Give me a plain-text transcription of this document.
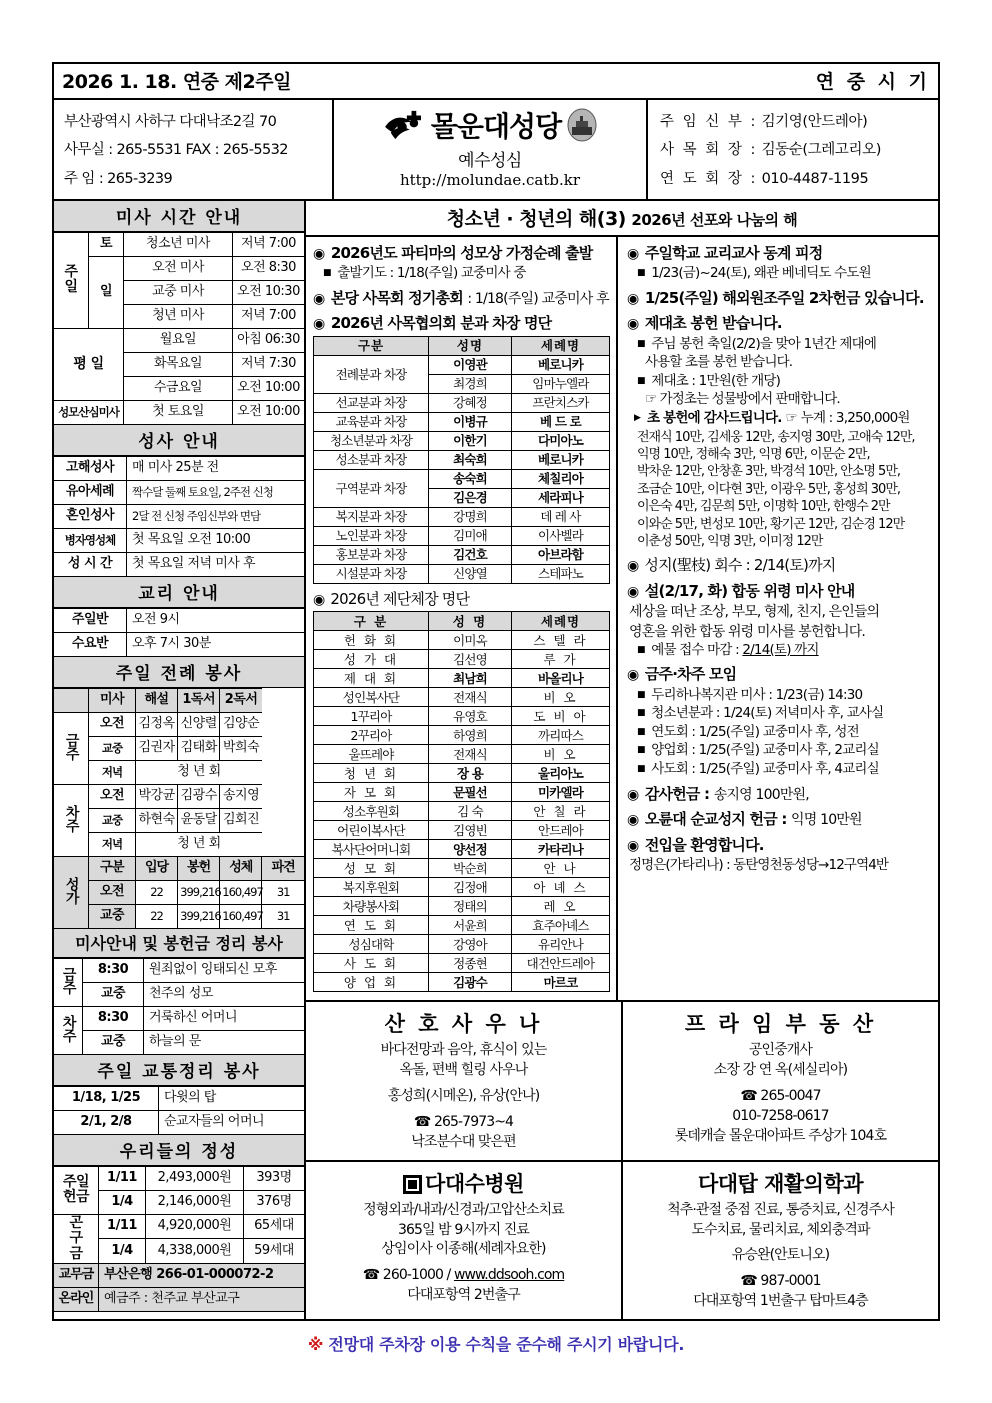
2026 1. 18. 연중 제2주일	연 중 시 기
부산광역시 사하구 다대낙조2길 70
사무실 : 265-5531 FAX : 265-5532
주 임 : 265-3239
몰운대성당
예수성심
http://molundae.catb.kr
주 임 신 부 : 김기영(안드레아)
사 목 회 장 : 김동순(그레고리오)
연 도 회 장 : 010-4487-1195
미사 시간 안내
주 일	토	청소년 미사	저녁 7:00
	일	오전 미사	오전 8:30
		교중 미사	오전 10:30
		청년 미사	저녁 7:00
평 일		월요일	아침 06:30
		화목요일	저녁 7:30
		수금요일	오전 10:00
성모산심미사		첫 토요일	오전 10:00
성사 안내
고해성사	매 미사 25분 전
유아세례	짝수달 둘째 토요일, 2주전 신청
혼인성사	2달 전 신청 주임신부와 면담
병자영성체	첫 목요일 오전 10:00
성 시 간	첫 목요일 저녁 미사 후
교리 안내
주일반	오전 9시
수요반	오후 7시 30분
주일 전례 봉사
	미사	해설	1독서	2독서	
금주	오전	김정옥	신양렬	김양순	
	교중	김권자	김태화	박희숙	
	저녁	청 년 회			
차주	오전	박강균	김광수	송지영	
	교중	하현숙	윤동달	김회진	
	저녁	청 년 회			
성가	구분	입당	봉헌	성체	파견
	오전	22	399,216	160,497	31
	교중	22	399,216	160,497	31
미사안내 및 봉헌금 정리 봉사
금주	8:30	원죄없이 잉태되신 모후
	교중	천주의 성모
차주	8:30	거룩하신 어머니
	교중	하늘의 문
주일 교통정리 봉사
1/18, 1/25	다윗의 탑
2/1, 2/8	순교자들의 어머니
우리들의 정성
주일
헌금	1/11	2,493,000원	393명
	1/4	2,146,000원	376명

곤
구
금	1/11	4,920,000원	65세대
	1/4	4,338,000원	59세대
교무금	부산은행 266-01-000072-2		
온라인	예금주 : 천주교 부산교구		
청소년 · 청년의 해(3) 2026년 선포와 나눔의 해
◉ 2026년도 파티마의 성모상 가정순례 출발
■ 출발기도 : 1/18(주일) 교중미사 중
◉ 본당 사목회 정기총회 : 1/18(주일) 교중미사 후
◉ 2026년 사목협의회 분과 차장 명단
구분	성명	세례명
전례분과 차장	이영관	베로니카
	최경희	임마누엘라
선교분과 차장	강혜정	프란치스카
교육분과 차장	이병규	베 드 로
청소년분과 차장	이한기	다미아노
성소분과 차장	최숙희	베로니카
구역분과 차장	송숙희	체칠리아
	김은경	세라피나
복지분과 차장	강명희	데 레 사
노인분과 차장	김미애	이사벨라
홍보분과 차장	김건호	아브라함
시설분과 차장	신양열	스테파노
◉ 2026년 제단체장 명단
구 분	성 명	세례명
헌 화 회	이미옥	스 텔 라
성 가 대	김선영	루 가
제 대 회	최남희	바올리나
성인복사단	전재식	비 오
1꾸리아	유영호	도 비 아
2꾸리아	하영희	까리따스
울뜨레야	전재식	비 오
청 년 회	장 용	울리아노
자 모 회	문필선	미카엘라
성소후원회	김 숙	안 칠 라
어린이복사단	김영빈	안드레아
복사단어머니회	양선정	카타리나
성 모 회	박순희	안 나
복지후원회	김정애	아 녜 스
차량봉사회	정태의	레 오
연 도 회	서윤희	효주아녜스
성심대학	강영아	유리안나
사 도 회	정종현	대건안드레아
양 업 회	김광수	마르코
◉ 주일학교 교리교사 동계 피정
■ 1/23(금)~24(토), 왜관 베네딕도 수도원
◉ 1/25(주일) 해외원조주일 2차헌금 있습니다.
◉ 제대초 봉헌 받습니다.
■ 주님 봉헌 축일(2/2)을 맞아 1년간 제대에
사용할 초를 봉헌 받습니다.
■ 제대초 : 1만원(한 개당)
☞ 가정초는 성물방에서 판매합니다.
▶ 초 봉헌에 감사드립니다. ☞ 누계 : 3,250,000원
전재식 10만, 김세웅 12만, 송지영 30만, 고애숙 12만,
익명 10만, 정해숙 3만, 익명 6만, 이문순 2만,
박차운 12만, 안창훈 3만, 박경석 10만, 안소명 5만,
조금순 10만, 이다현 3만, 이광우 5만, 홍성희 30만,
이은숙 4만, 김문희 5만, 이명학 10만, 한행수 2만
이와순 5만, 변성모 10만, 황기곤 12만, 김순경 12만
이춘성 50만, 익명 3만, 이미정 12만
◉ 성지(聖枝) 회수 : 2/14(토)까지
◉ 설(2/17, 화) 합동 위령 미사 안내
세상을 떠난 조상, 부모, 형제, 친지, 은인들의
영혼을 위한 합동 위령 미사를 봉헌합니다.
■ 예물 접수 마감 : 2/14(토) 까지
◉ 금주·차주 모임
■ 두리하나복지관 미사 : 1/23(금) 14:30
■ 청소년분과 : 1/24(토) 저녁미사 후, 교사실
■ 연도회 : 1/25(주일) 교중미사 후, 성전
■ 양업회 : 1/25(주일) 교중미사 후, 2교리실
■ 사도회 : 1/25(주일) 교중미사 후, 4교리실
◉ 감사헌금 : 송지영 100만원,
◉ 오륜대 순교성지 헌금 : 익명 10만원
◉ 전입을 환영합니다.
정명은(가타리나) : 동탄영천동성당→12구역4반
산 호 사 우 나
바다전망과 음악, 휴식이 있는
옥돌, 편백 힐링 사우나
홍성희(시메온), 유상(안나)
☎ 265-7973~4
낙조분수대 맞은편
프 라 임 부 동 산
공인중개사
소장 강 연 옥(세실리아)
☎ 265-0047
010-7258-0617
롯데캐슬 몰운대아파트 주상가 104호
다대수병원
정형외과/내과/신경과/고압산소치료
365일 밤 9시까지 진료
상임이사 이종해(세례자요한)
☎ 260-1000 / www.ddsooh.com
다대포항역 2번출구
다대탑 재활의학과
척추·관절 중점 진료, 통증치료, 신경주사
도수치료, 물리치료, 체외충격파
유승완(안토니오)
☎ 987-0001
다대포항역 1번출구 탑마트4층
※ 전망대 주차장 이용 수칙을 준수해 주시기 바랍니다.
